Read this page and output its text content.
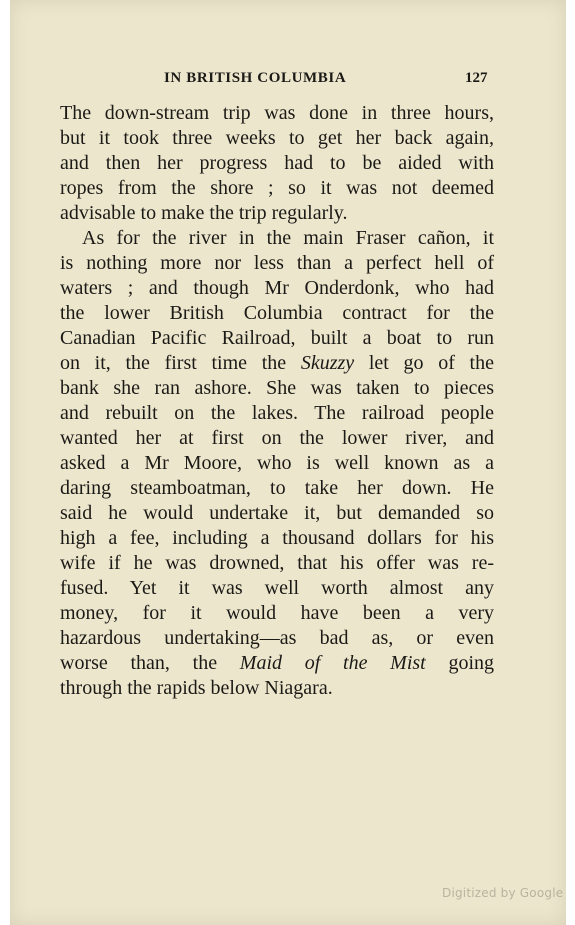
IN BRITISH COLUMBIA	127
The down-stream trip was done in three hours,
but it took three weeks to get her back again,
and then her progress had to be aided with
ropes from the shore ; so it was not deemed
advisable to make the trip regularly.
As for the river in the main Fraser cañon, it
is nothing more nor less than a perfect hell of
waters ; and though Mr Onderdonk, who had
the lower British Columbia contract for the
Canadian Pacific Railroad, built a boat to run
on it, the first time the Skuzzy let go of the
bank she ran ashore. She was taken to pieces
and rebuilt on the lakes. The railroad people
wanted her at first on the lower river, and
asked a Mr Moore, who is well known as a
daring steamboatman, to take her down. He
said he would undertake it, but demanded so
high a fee, including a thousand dollars for his
wife if he was drowned, that his offer was re-
fused. Yet it was well worth almost any
money, for it would have been a very
hazardous undertaking—as bad as, or even
worse than, the Maid of the Mist going
through the rapids below Niagara.
Digitized by Google
